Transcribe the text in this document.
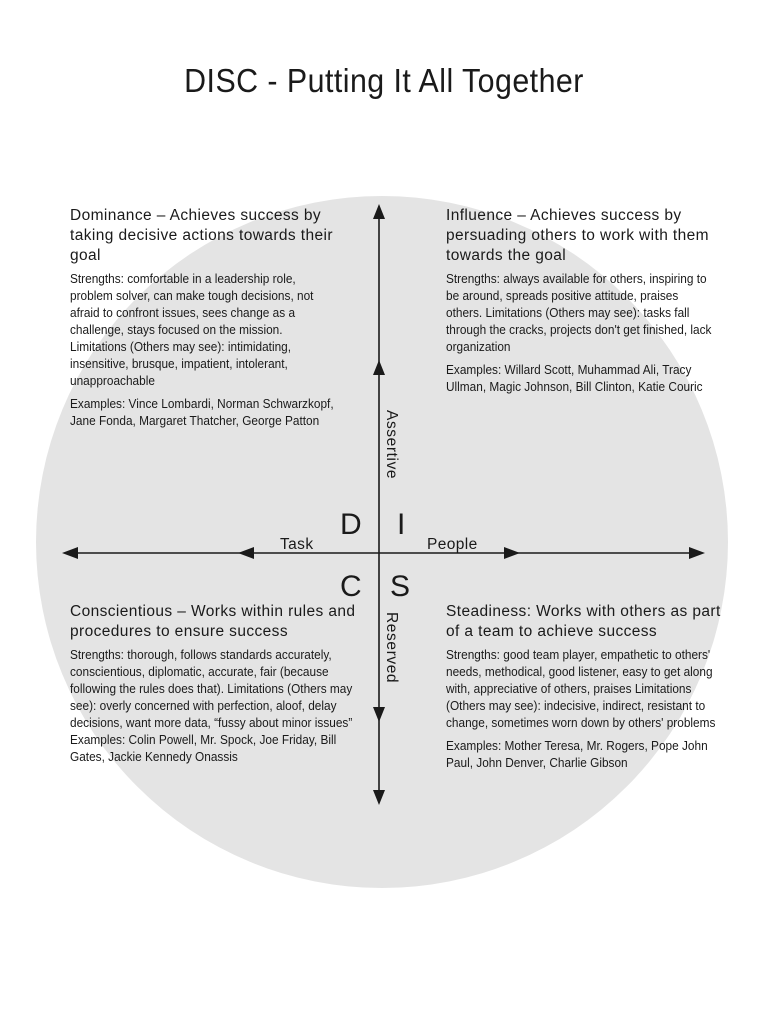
DISC - Putting It All Together
D I
C S
Task	People
Assertive
Reserved

Dominance – Achieves success by taking decisive actions towards their goal

Strengths: comfortable in a leadership role, problem solver, can make tough decisions, not afraid to confront issues, sees change as a challenge, stays focused on the mission. Limitations (Others may see): intimidating, insensitive, brusque, impatient, intolerant, unapproachable

Examples: Vince Lombardi, Norman Schwarzkopf, Jane Fonda, Margaret Thatcher, George Patton

Influence – Achieves success by persuading others to work with them towards the goal

Strengths: always available for others, inspiring to be around, spreads positive attitude, praises others. Limitations (Others may see): tasks fall through the cracks, projects don't get finished, lack organization

Examples: Willard Scott, Muhammad Ali, Tracy Ullman, Magic Johnson, Bill Clinton, Katie Couric

Conscientious – Works within rules and procedures to ensure success

Strengths: thorough, follows standards accurately, conscientious, diplomatic, accurate, fair (because following the rules does that). Limitations (Others may see): overly concerned with perfection, aloof, delay decisions, want more data, “fussy about minor issues”

Examples: Colin Powell, Mr. Spock, Joe Friday, Bill Gates, Jackie Kennedy Onassis

Steadiness: Works with others as part of a team to achieve success

Strengths: good team player, empathetic to others' needs, methodical, good listener, easy to get along with, appreciative of others, praises Limitations (Others may see): indecisive, indirect, resistant to change, sometimes worn down by others' problems

Examples: Mother Teresa, Mr. Rogers, Pope John Paul, John Denver, Charlie Gibson
